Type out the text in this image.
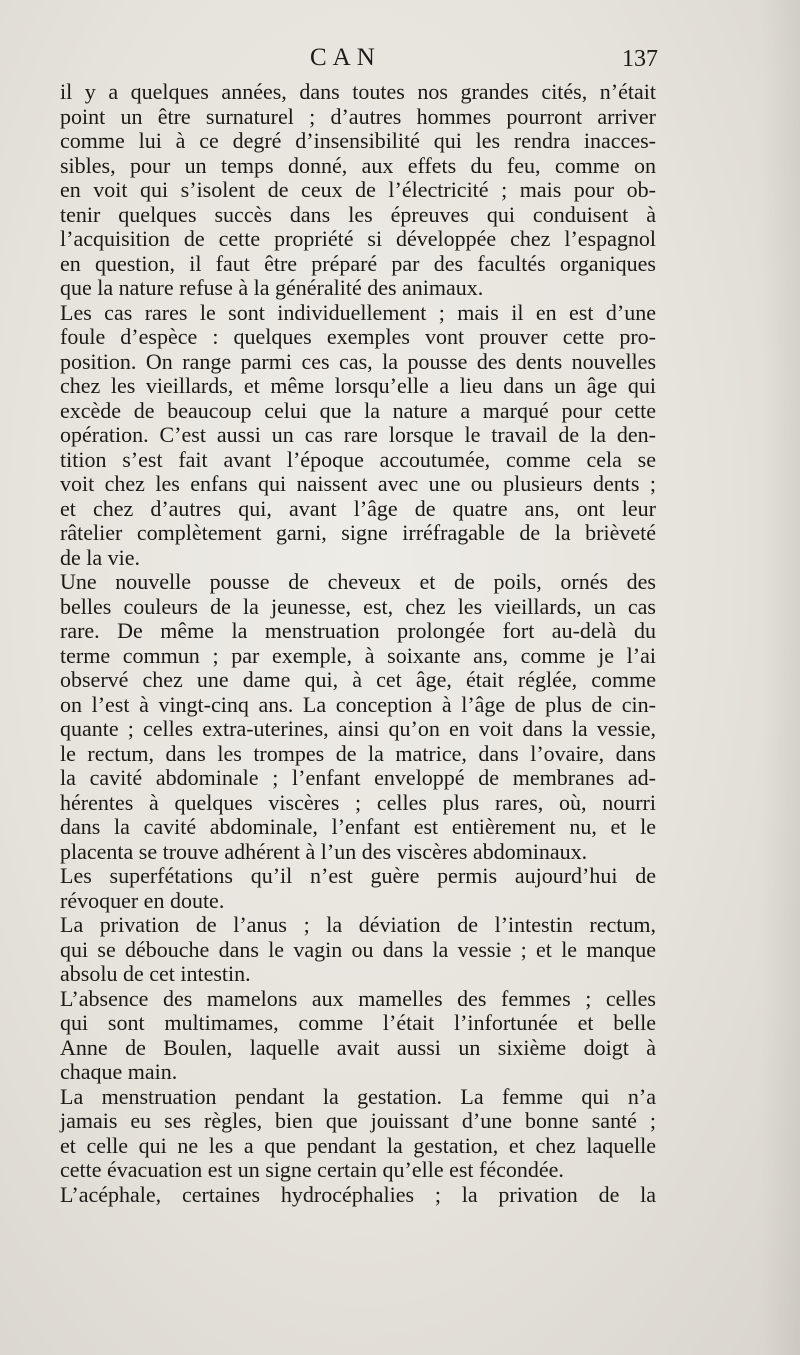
CAN	137
il y a quelques années, dans toutes nos grandes cités, n’était
point un être surnaturel ; d’autres hommes pourront arriver
comme lui à ce degré d’insensibilité qui les rendra inacces-
sibles, pour un temps donné, aux effets du feu, comme on
en voit qui s’isolent de ceux de l’électricité ; mais pour ob-
tenir quelques succès dans les épreuves qui conduisent à
l’acquisition de cette propriété si développée chez l’espagnol
en question, il faut être préparé par des facultés organiques
que la nature refuse à la généralité des animaux.
Les cas rares le sont individuellement ; mais il en est d’une
foule d’espèce : quelques exemples vont prouver cette pro-
position. On range parmi ces cas, la pousse des dents nouvelles
chez les vieillards, et même lorsqu’elle a lieu dans un âge qui
excède de beaucoup celui que la nature a marqué pour cette
opération. C’est aussi un cas rare lorsque le travail de la den-
tition s’est fait avant l’époque accoutumée, comme cela se
voit chez les enfans qui naissent avec une ou plusieurs dents ;
et chez d’autres qui, avant l’âge de quatre ans, ont leur
râtelier complètement garni, signe irréfragable de la brièveté
de la vie.
Une nouvelle pousse de cheveux et de poils, ornés des
belles couleurs de la jeunesse, est, chez les vieillards, un cas
rare. De même la menstruation prolongée fort au-delà du
terme commun ; par exemple, à soixante ans, comme je l’ai
observé chez une dame qui, à cet âge, était réglée, comme
on l’est à vingt-cinq ans. La conception à l’âge de plus de cin-
quante ; celles extra-uterines, ainsi qu’on en voit dans la vessie,
le rectum, dans les trompes de la matrice, dans l’ovaire, dans
la cavité abdominale ; l’enfant enveloppé de membranes ad-
hérentes à quelques viscères ; celles plus rares, où, nourri
dans la cavité abdominale, l’enfant est entièrement nu, et le
placenta se trouve adhérent à l’un des viscères abdominaux.
Les superfétations qu’il n’est guère permis aujourd’hui de
révoquer en doute.
La privation de l’anus ; la déviation de l’intestin rectum,
qui se débouche dans le vagin ou dans la vessie ; et le manque
absolu de cet intestin.
L’absence des mamelons aux mamelles des femmes ; celles
qui sont multimames, comme l’était l’infortunée et belle
Anne de Boulen, laquelle avait aussi un sixième doigt à
chaque main.
La menstruation pendant la gestation. La femme qui n’a
jamais eu ses règles, bien que jouissant d’une bonne santé ;
et celle qui ne les a que pendant la gestation, et chez laquelle
cette évacuation est un signe certain qu’elle est fécondée.
L’acéphale, certaines hydrocéphalies ; la privation de la
